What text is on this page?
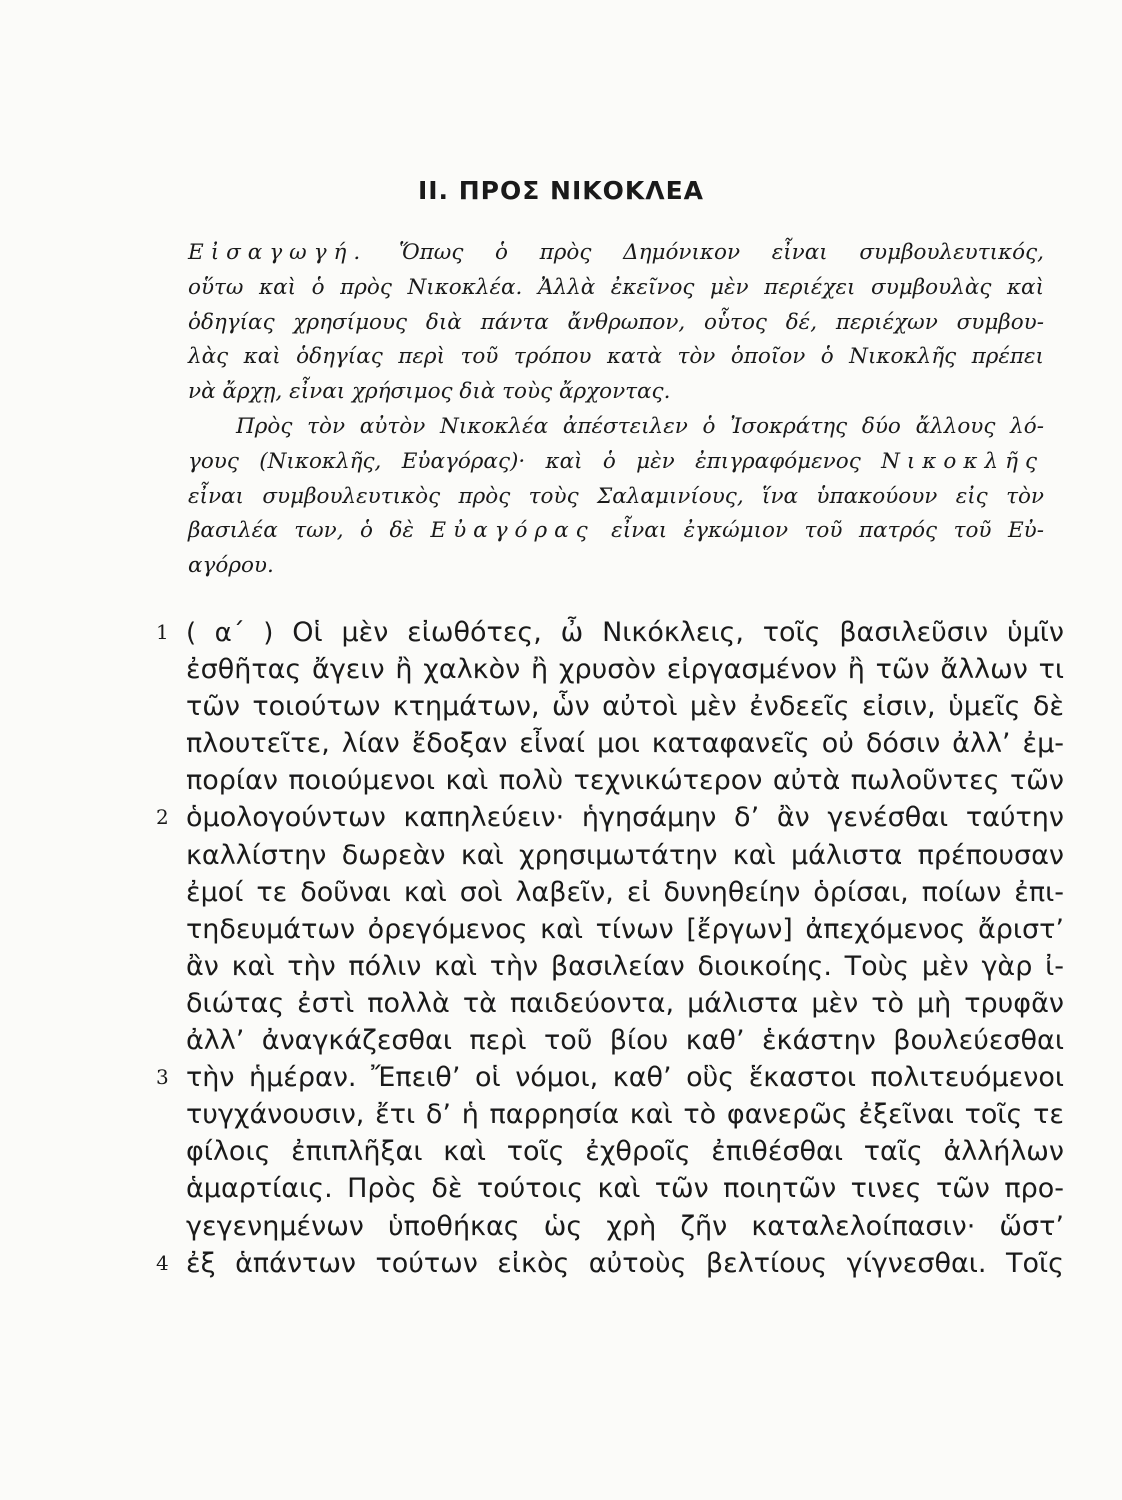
II. ΠΡΟΣ ΝΙΚΟΚΛΕΑ
Εἰσαγωγή. Ὅπως ὁ πρὸς Δημόνικον εἶναι συμβουλευτικός,
οὕτω καὶ ὁ πρὸς Νικοκλέα. Ἀλλὰ ἐκεῖνος μὲν περιέχει συμβουλὰς καὶ
ὁδηγίας χρησίμους διὰ πάντα ἄνθρωπον, οὗτος δέ, περιέχων συμβου-
λὰς καὶ ὁδηγίας περὶ τοῦ τρόπου κατὰ τὸν ὁποῖον ὁ Νικοκλῆς πρέπει
νὰ ἄρχῃ, εἶναι χρήσιμος διὰ τοὺς ἄρχοντας.
Πρὸς τὸν αὐτὸν Νικοκλέα ἀπέστειλεν ὁ Ἰσοκράτης δύο ἄλλους λό-
γους (Νικοκλῆς, Εὐαγόρας)· καὶ ὁ μὲν ἐπιγραφόμενος Νικοκλῆς
εἶναι συμβουλευτικὸς πρὸς τοὺς Σαλαμινίους, ἵνα ὑπακούουν εἰς τὸν
βασιλέα των, ὁ δὲ Εὐαγόρας εἶναι ἐγκώμιον τοῦ πατρός τοῦ Εὐ-
αγόρου.
1 ( α΄ ) Οἱ μὲν εἰωθότες, ὦ Νικόκλεις, τοῖς βασιλεῦσιν ὑμῖν
ἐσθῆτας ἄγειν ἢ χαλκὸν ἢ χρυσὸν εἰργασμένον ἢ τῶν ἄλλων τι
τῶν τοιούτων κτημάτων, ὧν αὐτοὶ μὲν ἐνδεεῖς εἰσιν, ὑμεῖς δὲ
πλουτεῖτε, λίαν ἔδοξαν εἶναί μοι καταφανεῖς οὐ δόσιν ἀλλ’ ἐμ-
πορίαν ποιούμενοι καὶ πολὺ τεχνικώτερον αὐτὰ πωλοῦντες τῶν
2 ὁμολογούντων καπηλεύειν· ἡγησάμην δ’ ἂν γενέσθαι ταύτην
καλλίστην δωρεὰν καὶ χρησιμωτάτην καὶ μάλιστα πρέπουσαν
ἐμοί τε δοῦναι καὶ σοὶ λαβεῖν, εἰ δυνηθείην ὁρίσαι, ποίων ἐπι-
τηδευμάτων ὀρεγόμενος καὶ τίνων [ἔργων] ἀπεχόμενος ἄριστ’
ἂν καὶ τὴν πόλιν καὶ τὴν βασιλείαν διοικοίης. Τοὺς μὲν γὰρ ἰ-
διώτας ἐστὶ πολλὰ τὰ παιδεύοντα, μάλιστα μὲν τὸ μὴ τρυφᾶν
ἀλλ’ ἀναγκάζεσθαι περὶ τοῦ βίου καθ’ ἑκάστην βουλεύεσθαι
3 τὴν ἡμέραν. Ἔπειθ’ οἱ νόμοι, καθ’ οὓς ἕκαστοι πολιτευόμενοι
τυγχάνουσιν, ἔτι δ’ ἡ παρρησία καὶ τὸ φανερῶς ἐξεῖναι τοῖς τε
φίλοις ἐπιπλῆξαι καὶ τοῖς ἐχθροῖς ἐπιθέσθαι ταῖς ἀλλήλων
ἁμαρτίαις. Πρὸς δὲ τούτοις καὶ τῶν ποιητῶν τινες τῶν προ-
γεγενημένων ὑποθήκας ὡς χρὴ ζῆν καταλελοίπασιν· ὥστ’
4 ἐξ ἁπάντων τούτων εἰκὸς αὐτοὺς βελτίους γίγνεσθαι. Τοῖς
